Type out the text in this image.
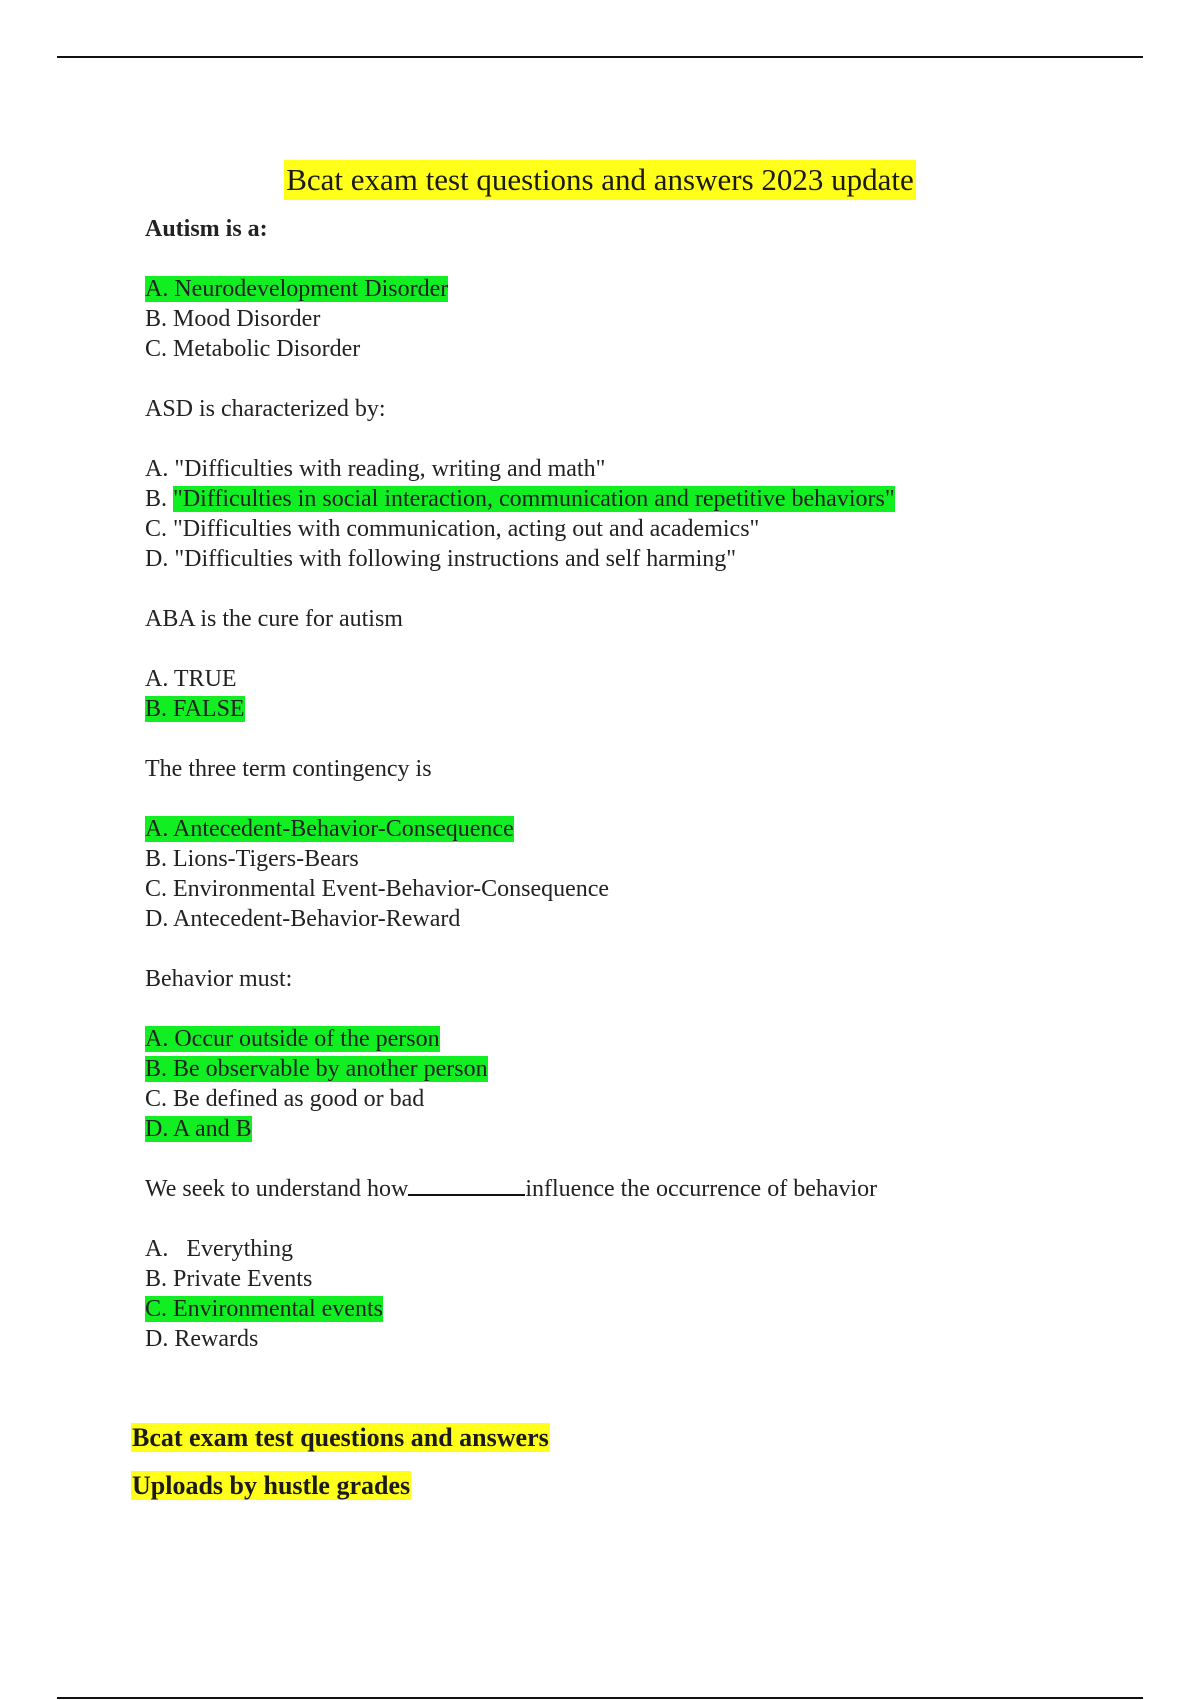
Bcat exam test questions and answers 2023 update
Autism is a:
A. Neurodevelopment Disorder
B. Mood Disorder
C. Metabolic Disorder
ASD is characterized by:
A. "Difficulties with reading, writing and math"
B. "Difficulties in social interaction, communication and repetitive behaviors"
C. "Difficulties with communication, acting out and academics"
D. "Difficulties with following instructions and self harming"
ABA is the cure for autism
A. TRUE
B. FALSE
The three term contingency is
A. Antecedent-Behavior-Consequence
B. Lions-Tigers-Bears
C. Environmental Event-Behavior-Consequence
D. Antecedent-Behavior-Reward
Behavior must:
A. Occur outside of the person
B. Be observable by another person
C. Be defined as good or bad
D. A and B
We seek to understand how	influence the occurrence of behavior
A.   Everything
B. Private Events
C. Environmental events
D. Rewards
Bcat exam test questions and answers
Uploads by hustle grades
